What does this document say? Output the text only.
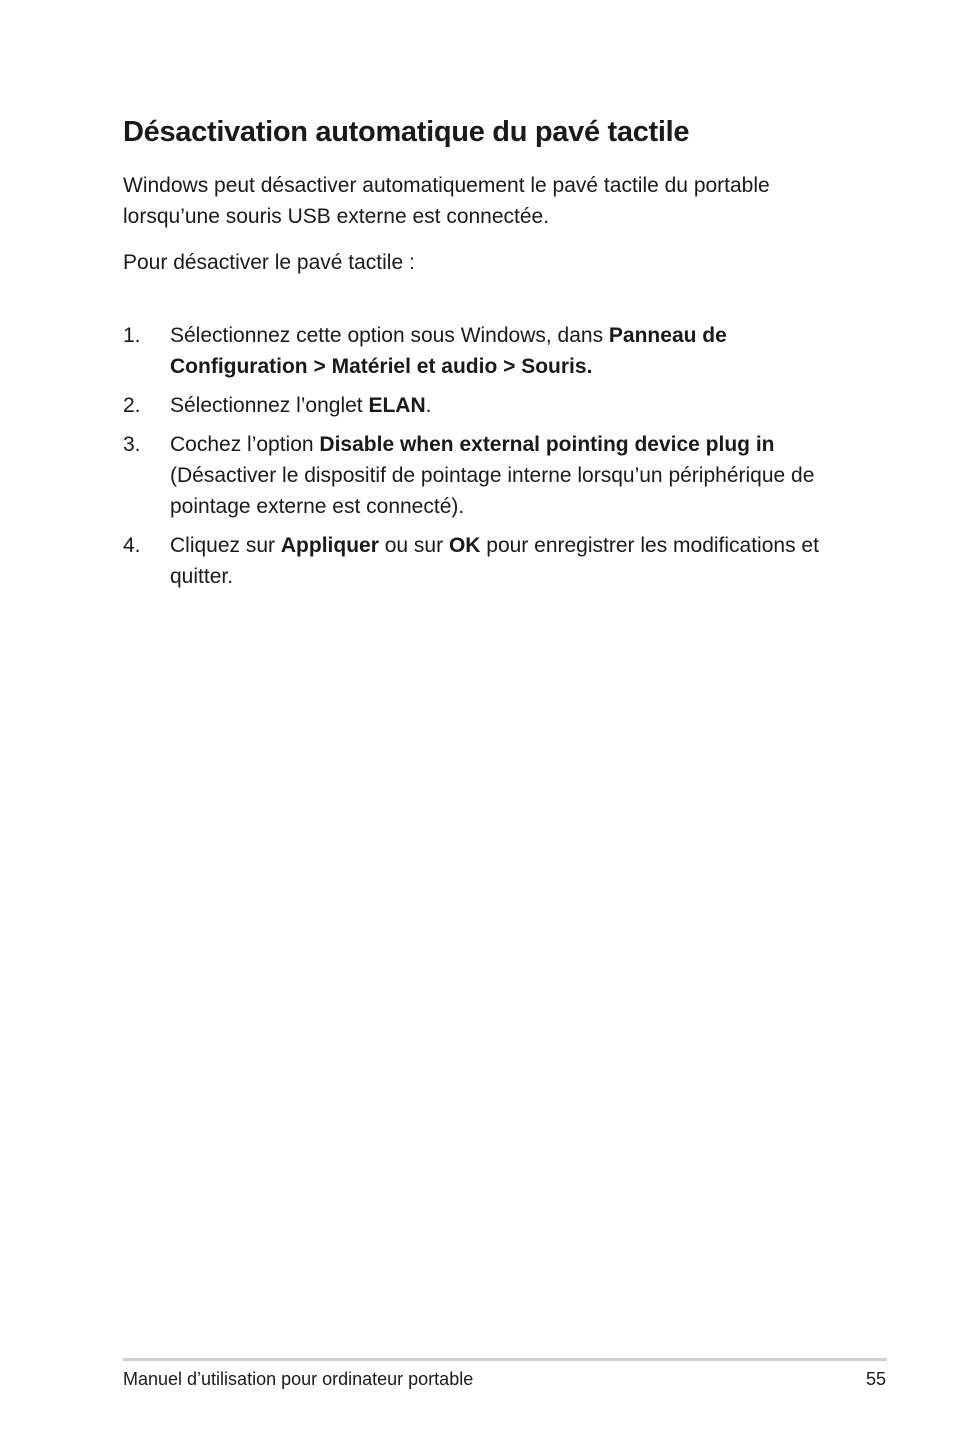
Désactivation automatique du pavé tactile

Windows peut désactiver automatiquement le pavé tactile du portable lorsqu’une souris USB externe est connectée.

Pour désactiver le pavé tactile :

1. Sélectionnez cette option sous Windows, dans Panneau de Configuration > Matériel et audio > Souris.
2. Sélectionnez l’onglet ELAN.
3. Cochez l’option Disable when external pointing device plug in (Désactiver le dispositif de pointage interne lorsqu’un périphérique de pointage externe est connecté).
4. Cliquez sur Appliquer ou sur OK pour enregistrer les modifications et quitter.
Manuel d’utilisation pour ordinateur portable	55
